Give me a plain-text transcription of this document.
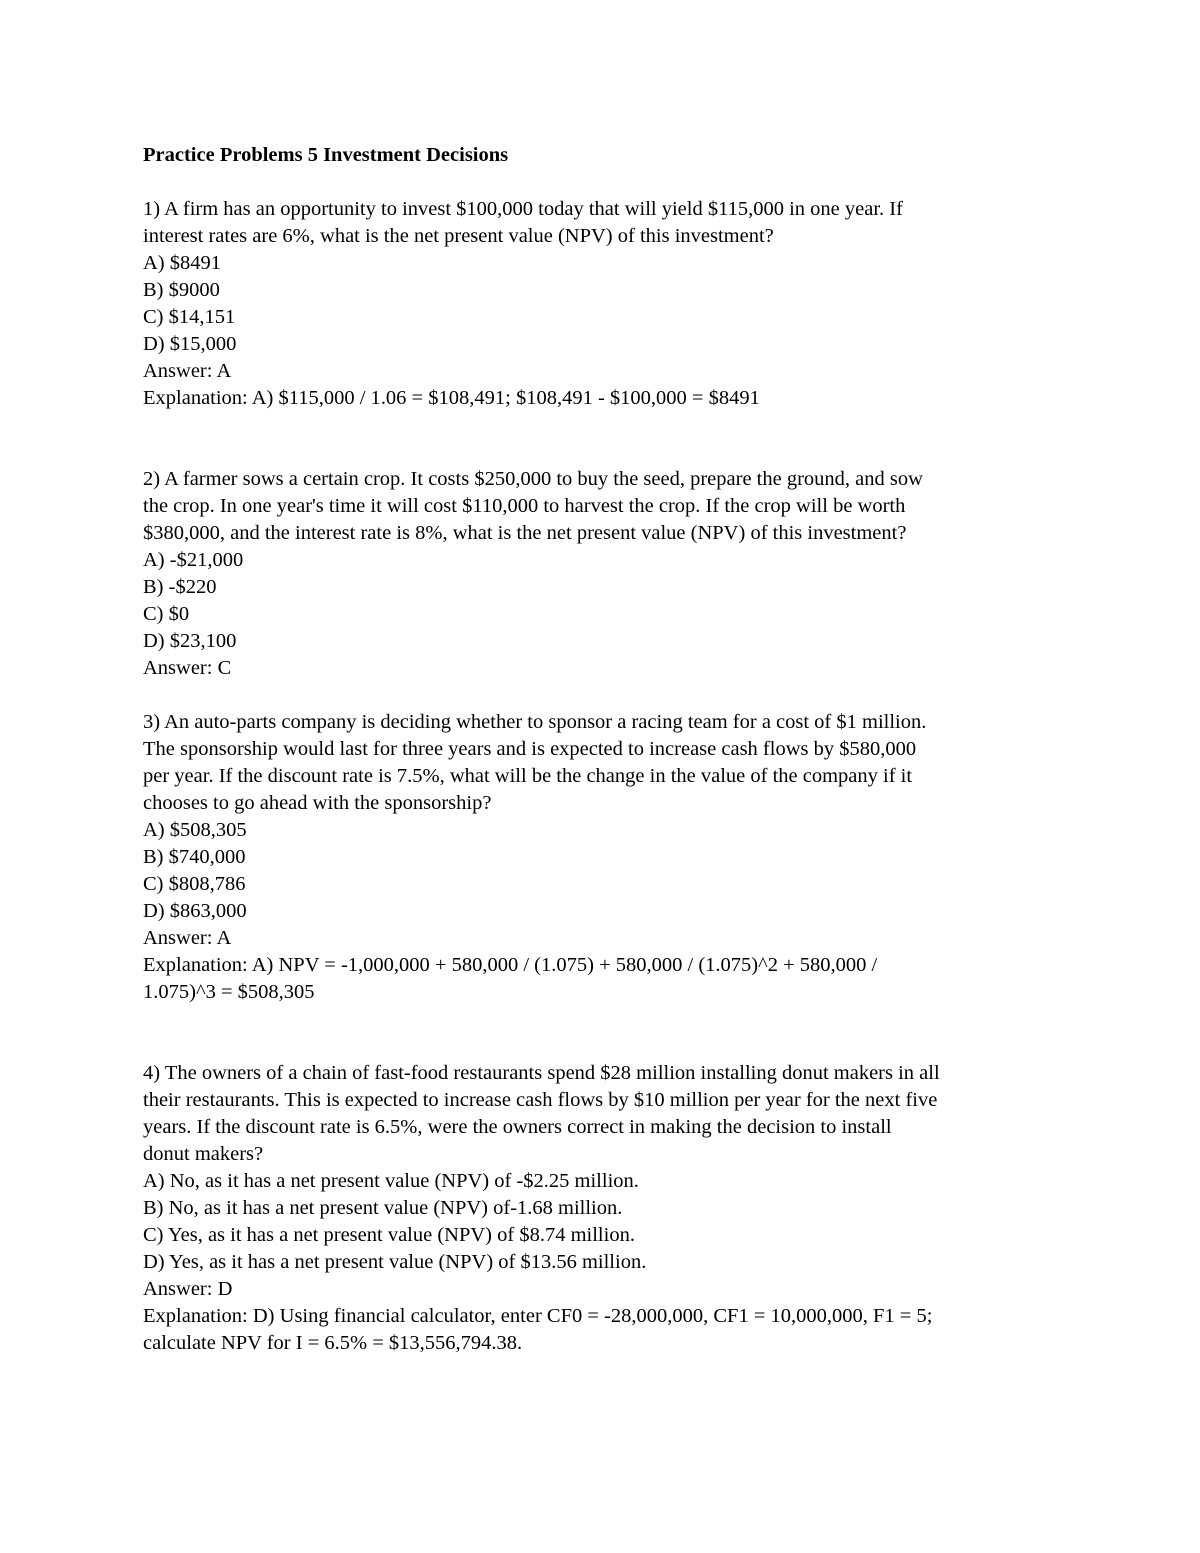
Practice Problems 5 Investment Decisions
1) A firm has an opportunity to invest $100,000 today that will yield $115,000 in one year. If
interest rates are 6%, what is the net present value (NPV) of this investment?
A) $8491
B) $9000
C) $14,151
D) $15,000
Answer: A
Explanation: A) $115,000 / 1.06 = $108,491; $108,491 - $100,000 = $8491
2) A farmer sows a certain crop. It costs $250,000 to buy the seed, prepare the ground, and sow
the crop. In one year's time it will cost $110,000 to harvest the crop. If the crop will be worth
$380,000, and the interest rate is 8%, what is the net present value (NPV) of this investment?
A) -$21,000
B) -$220
C) $0
D) $23,100
Answer: C
3) An auto-parts company is deciding whether to sponsor a racing team for a cost of $1 million.
The sponsorship would last for three years and is expected to increase cash flows by $580,000
per year. If the discount rate is 7.5%, what will be the change in the value of the company if it
chooses to go ahead with the sponsorship?
A) $508,305
B) $740,000
C) $808,786
D) $863,000
Answer: A
Explanation: A) NPV = -1,000,000 + 580,000 / (1.075) + 580,000 / (1.075)^2 + 580,000 /
1.075)^3 = $508,305
4) The owners of a chain of fast-food restaurants spend $28 million installing donut makers in all
their restaurants. This is expected to increase cash flows by $10 million per year for the next five
years. If the discount rate is 6.5%, were the owners correct in making the decision to install
donut makers?
A) No, as it has a net present value (NPV) of -$2.25 million.
B) No, as it has a net present value (NPV) of-1.68 million.
C) Yes, as it has a net present value (NPV) of $8.74 million.
D) Yes, as it has a net present value (NPV) of $13.56 million.
Answer: D
Explanation: D) Using financial calculator, enter CF0 = -28,000,000, CF1 = 10,000,000, F1 = 5;
calculate NPV for I = 6.5% = $13,556,794.38.
